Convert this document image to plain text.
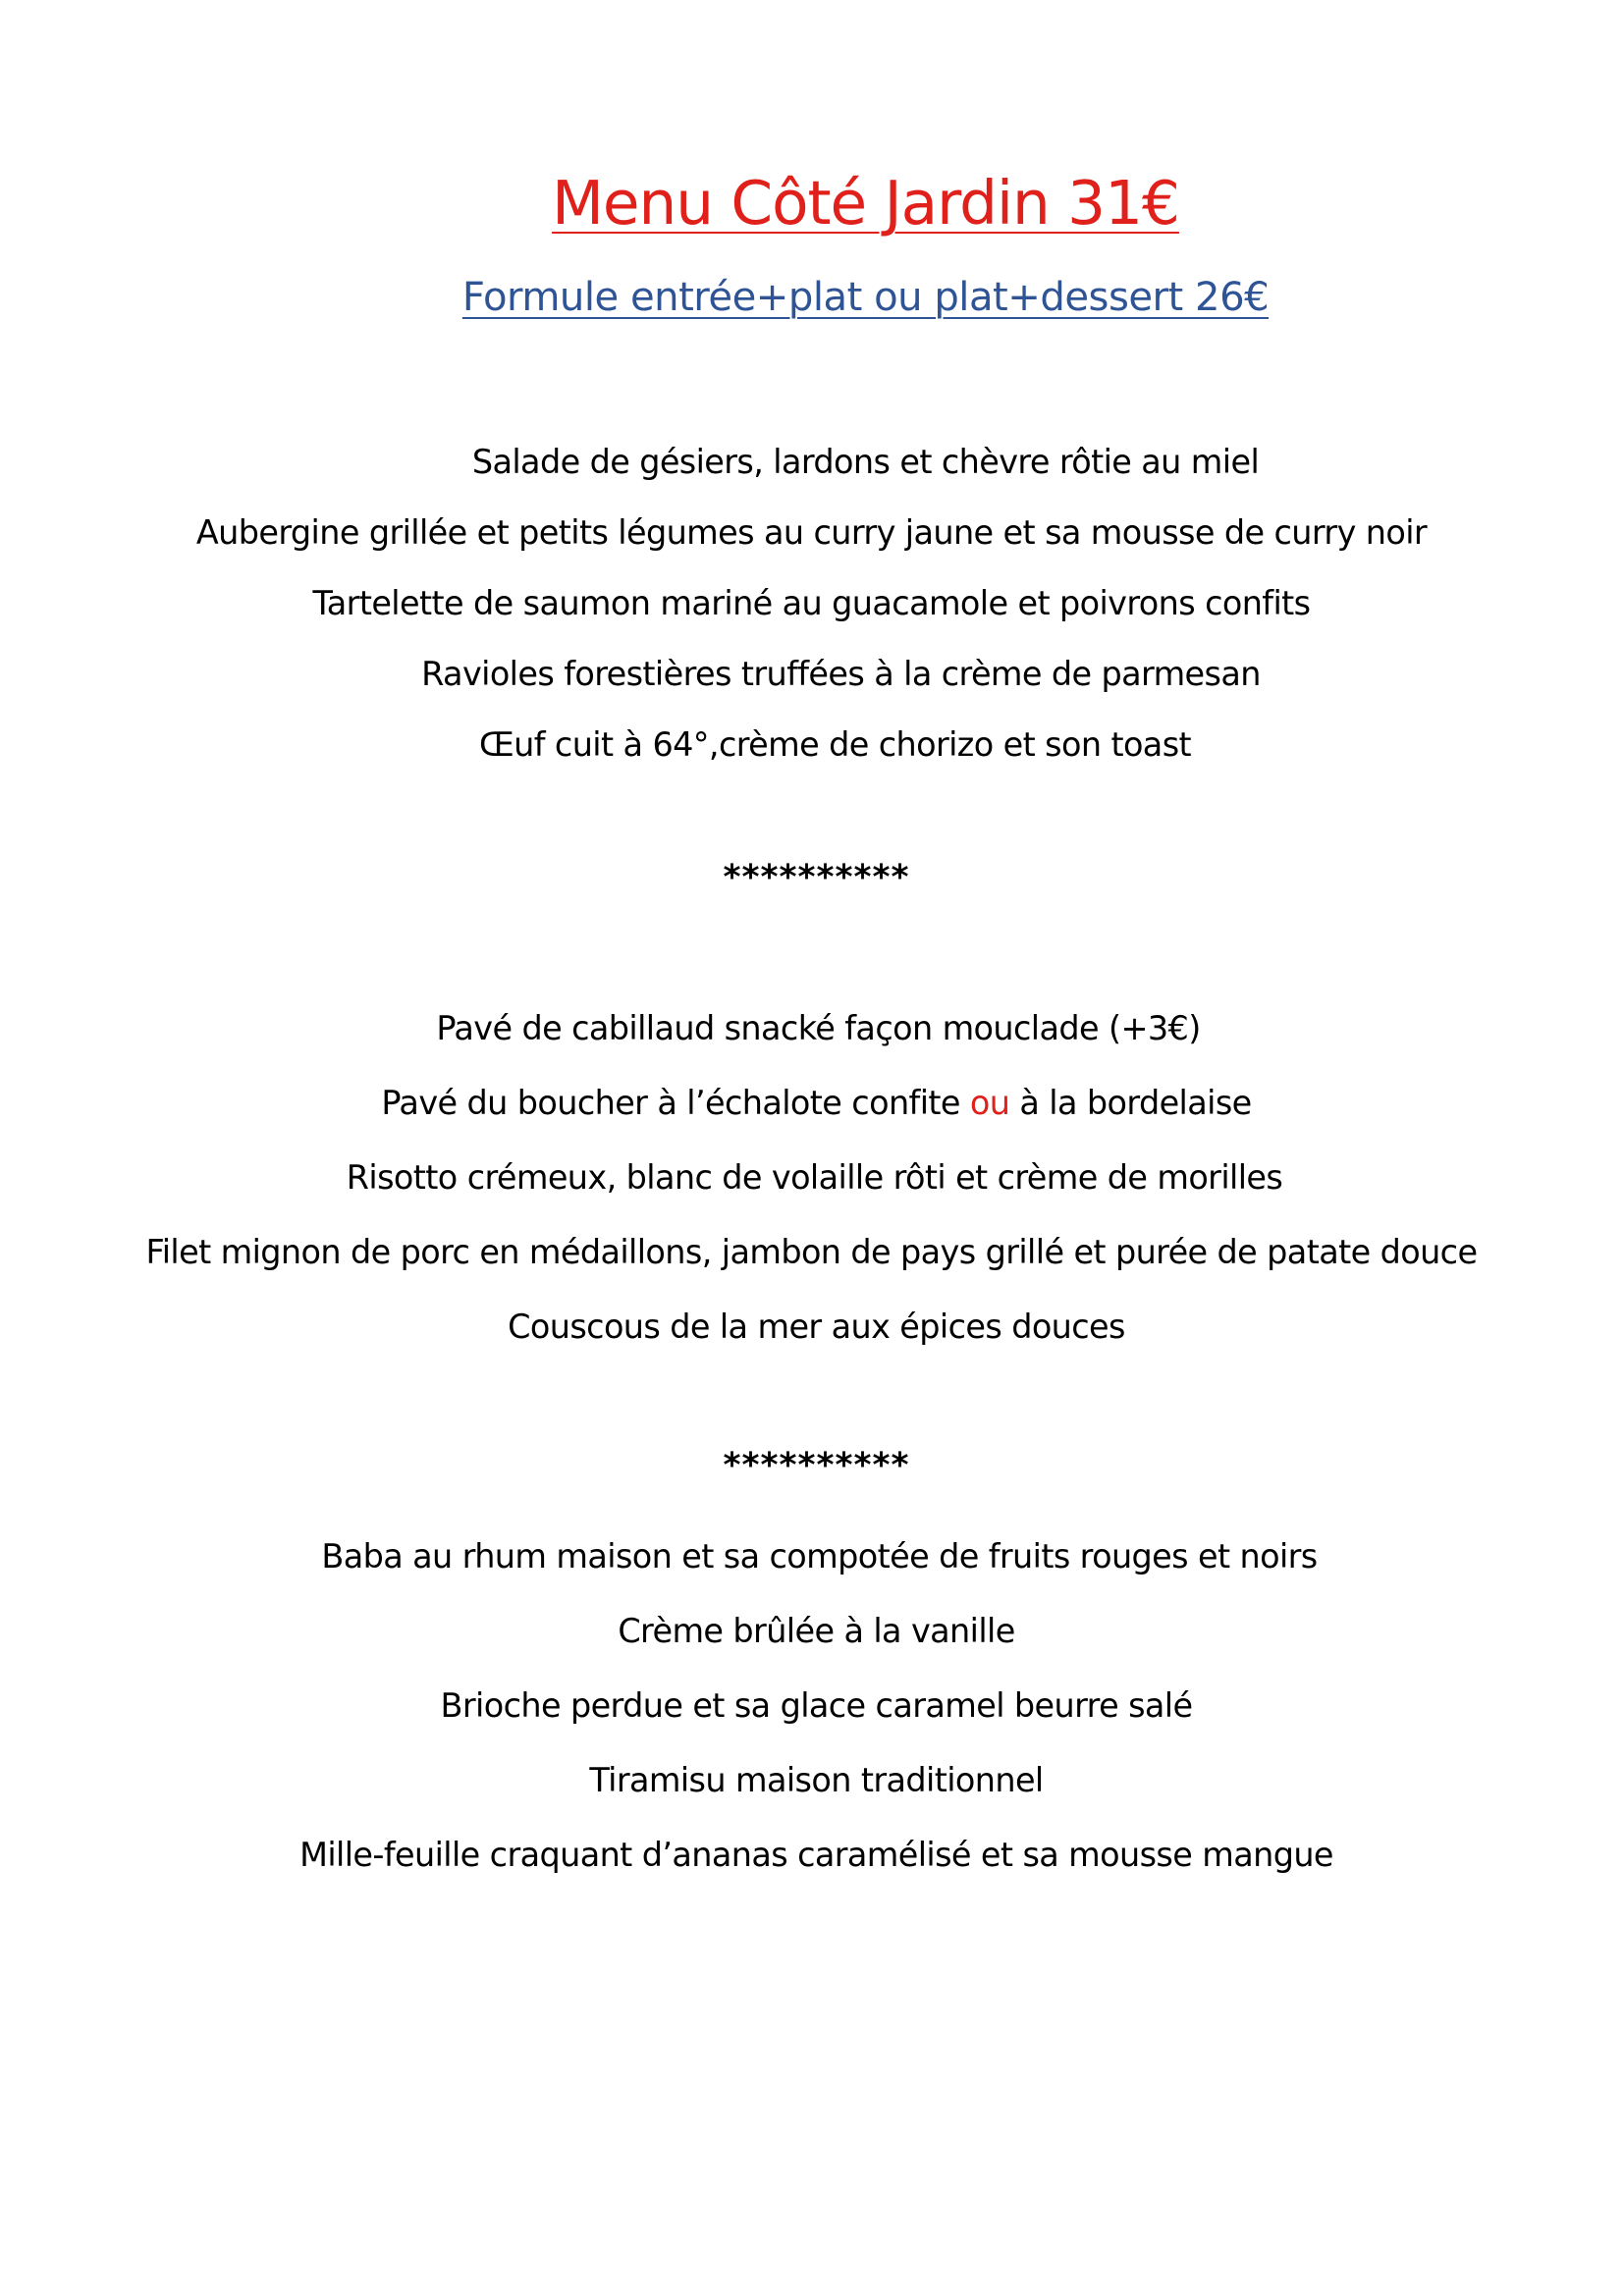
Menu Côté Jardin 31€
Formule entrée+plat ou plat+dessert 26€
Salade de gésiers, lardons et chèvre rôtie au miel
Aubergine grillée et petits légumes au curry jaune et sa mousse de curry noir
Tartelette de saumon mariné au guacamole et poivrons confits
Ravioles forestières truffées à la crème de parmesan
Œuf cuit à 64°,crème de chorizo et son toast
**********
Pavé de cabillaud snacké façon mouclade (+3€)
Pavé du boucher à l’échalote confite ou à la bordelaise
Risotto crémeux, blanc de volaille rôti et crème de morilles
Filet mignon de porc en médaillons, jambon de pays grillé et purée de patate douce
Couscous de la mer aux épices douces
**********
Baba au rhum maison et sa compotée de fruits rouges et noirs
Crème brûlée à la vanille
Brioche perdue et sa glace caramel beurre salé
Tiramisu maison traditionnel
Mille-feuille craquant d’ananas caramélisé et sa mousse mangue
